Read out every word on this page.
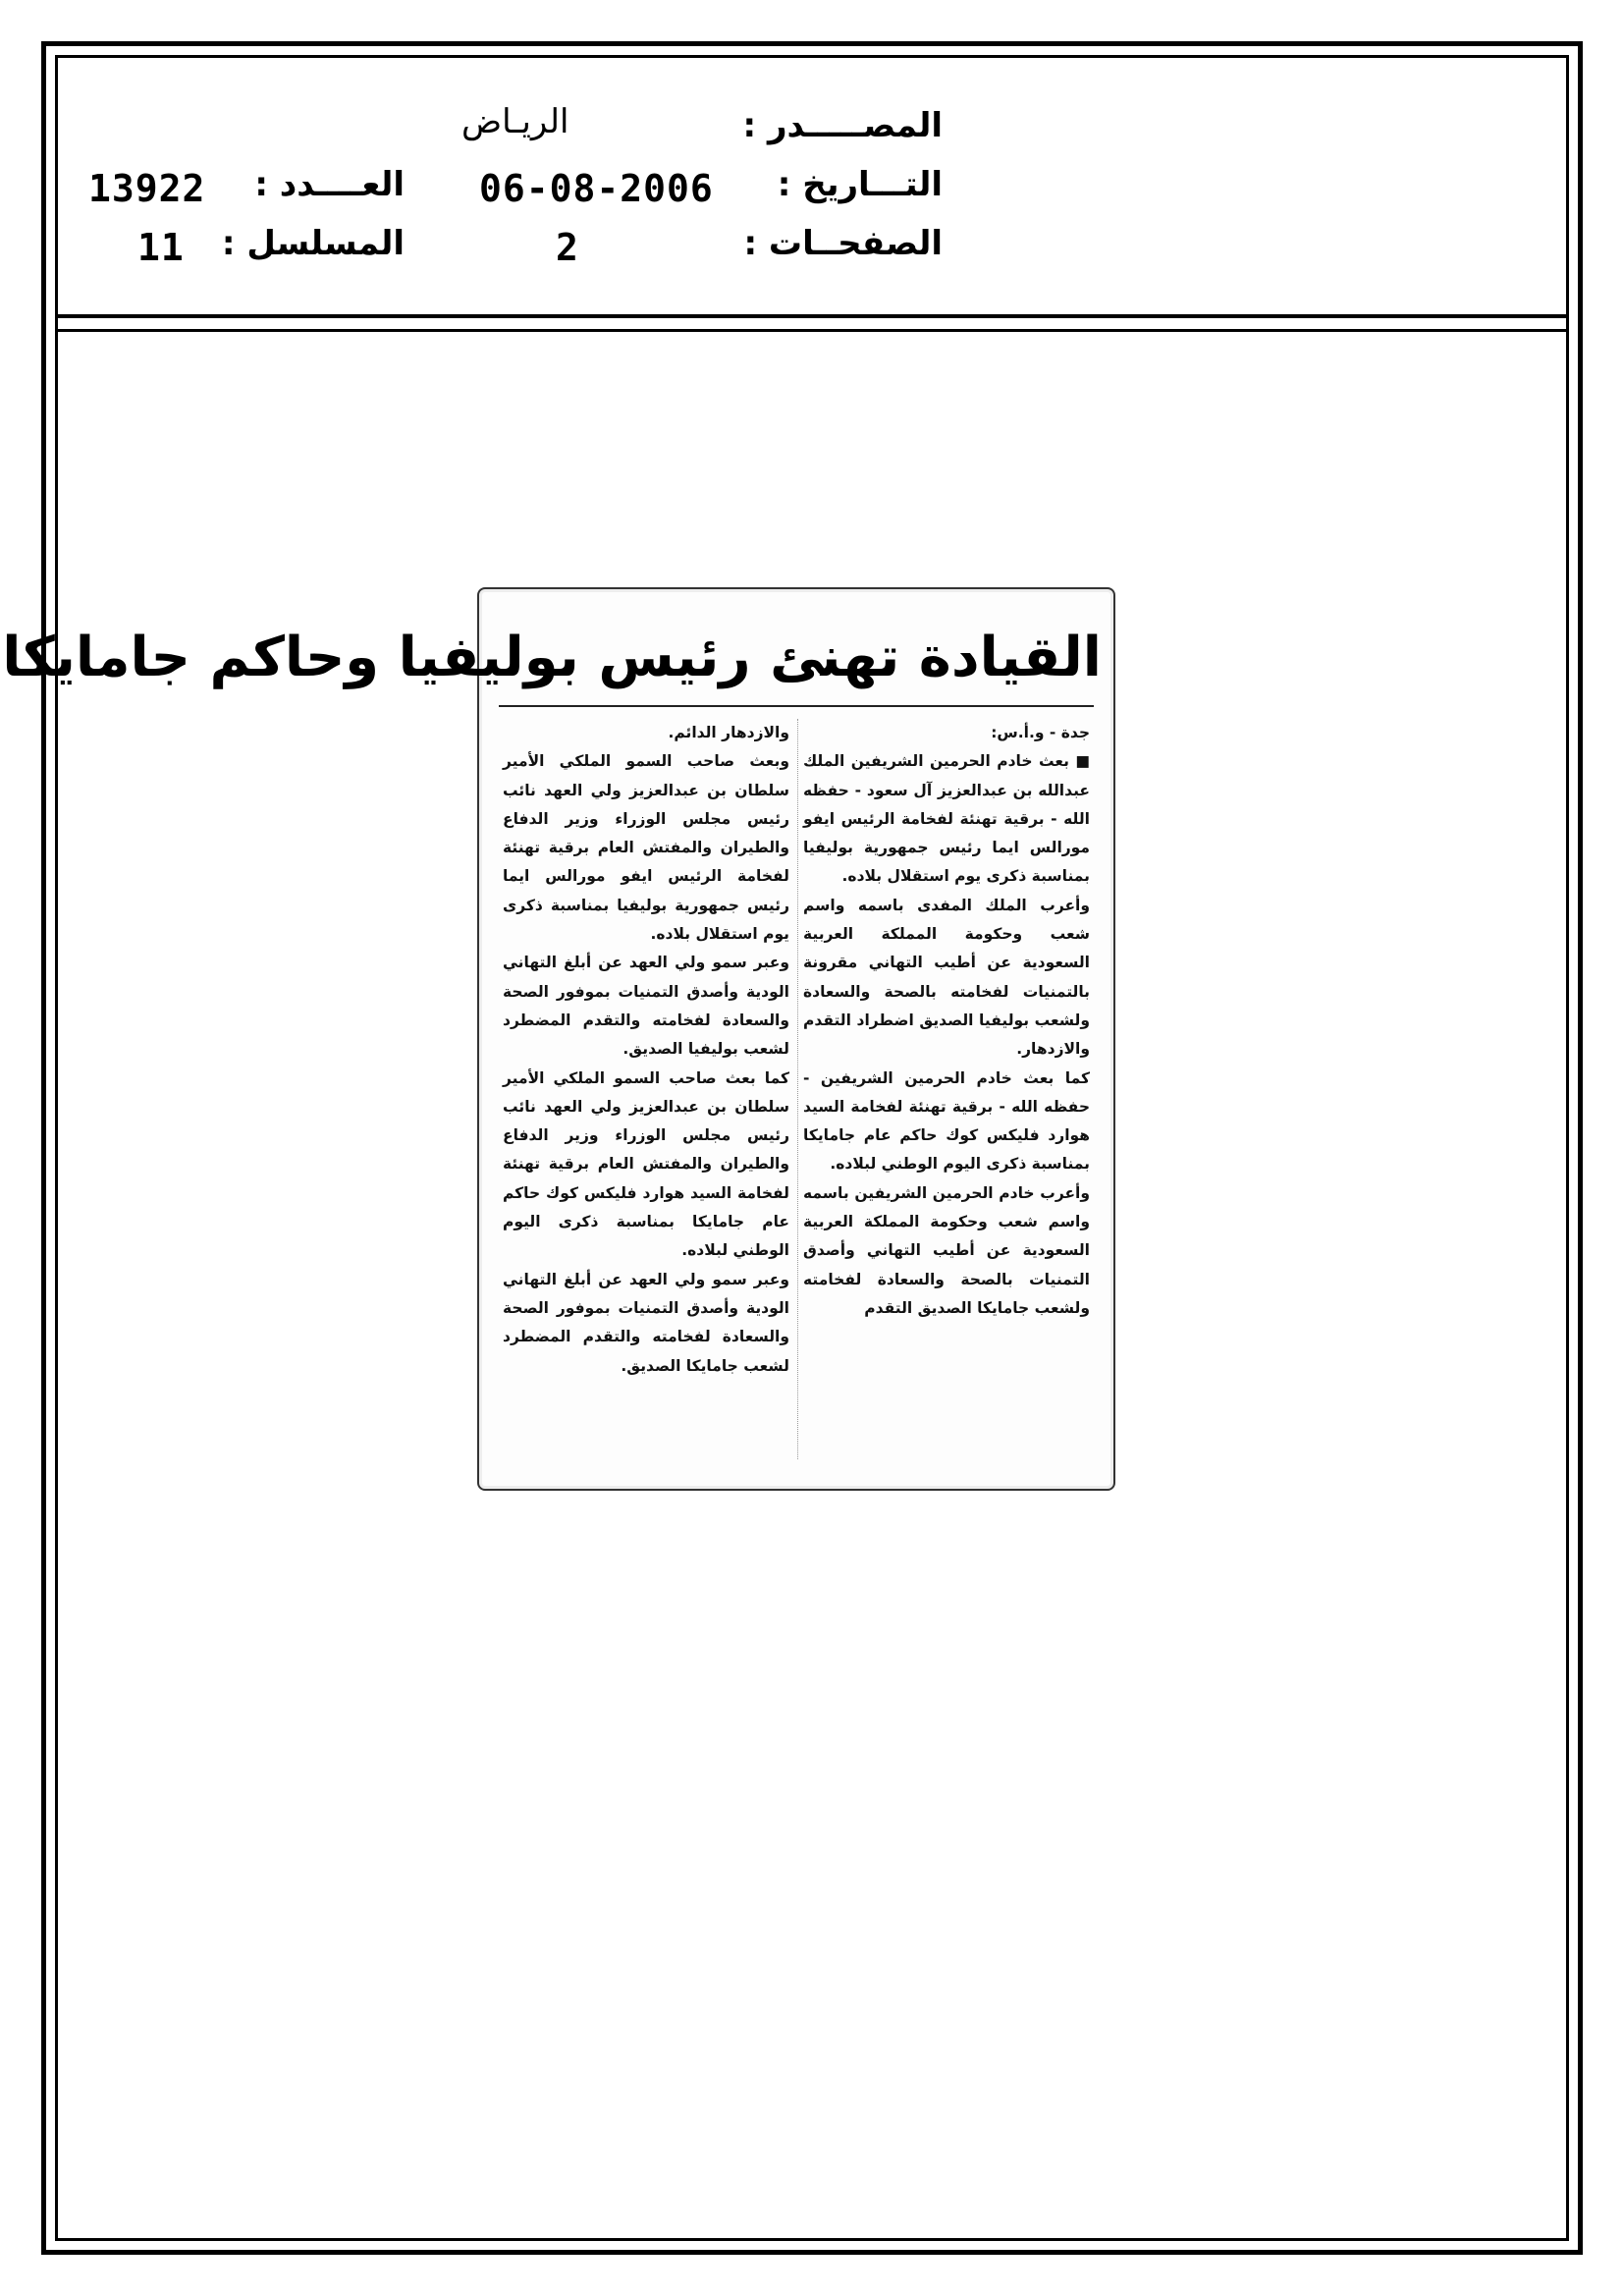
المصـــــدر :
التـــاريخ :
الصفحــات :
الريـاض
06-08-2006
2
العــــدد :
المسلسل :
13922
11
القيادة تهنئ رئيس بوليفيا وحاكم جامايكا

جدة - و.أ.س:

■ بعث خادم الحرمين الشريفين الملك عبدالله بن عبدالعزيز آل سعود - حفظه الله - برقية تهنئة لفخامة الرئيس ايفو مورالس ايما رئيس جمهورية بوليفيا بمناسبة ذكرى يوم استقلال بلاده.

وأعرب الملك المفدى باسمه واسم شعب وحكومة المملكة العربية السعودية عن أطيب التهاني مقرونة بالتمنيات لفخامته بالصحة والسعادة ولشعب بوليفيا الصديق اضطراد التقدم والازدهار.

كما بعث خادم الحرمين الشريفين - حفظه الله - برقية تهنئة لفخامة السيد هوارد فليكس كوك حاكم عام جامايكا بمناسبة ذكرى اليوم الوطني لبلاده.

وأعرب خادم الحرمين الشريفين باسمه واسم شعب وحكومة المملكة العربية السعودية عن أطيب التهاني وأصدق التمنيات بالصحة والسعادة لفخامته ولشعب جامايكا الصديق التقدم

والازدهار الدائم.

وبعث صاحب السمو الملكي الأمير سلطان بن عبدالعزيز ولي العهد نائب رئيس مجلس الوزراء وزير الدفاع والطيران والمفتش العام برقية تهنئة لفخامة الرئيس ايفو مورالس ايما رئيس جمهورية بوليفيا بمناسبة ذكرى يوم استقلال بلاده.

وعبر سمو ولي العهد عن أبلغ التهاني الودية وأصدق التمنيات بموفور الصحة والسعادة لفخامته والتقدم المضطرد لشعب بوليفيا الصديق.

كما بعث صاحب السمو الملكي الأمير سلطان بن عبدالعزيز ولي العهد نائب رئيس مجلس الوزراء وزير الدفاع والطيران والمفتش العام برقية تهنئة لفخامة السيد هوارد فليكس كوك حاكم عام جامايكا بمناسبة ذكرى اليوم الوطني لبلاده.

وعبر سمو ولي العهد عن أبلغ التهاني الودية وأصدق التمنيات بموفور الصحة والسعادة لفخامته والتقدم المضطرد لشعب جامايكا الصديق.
